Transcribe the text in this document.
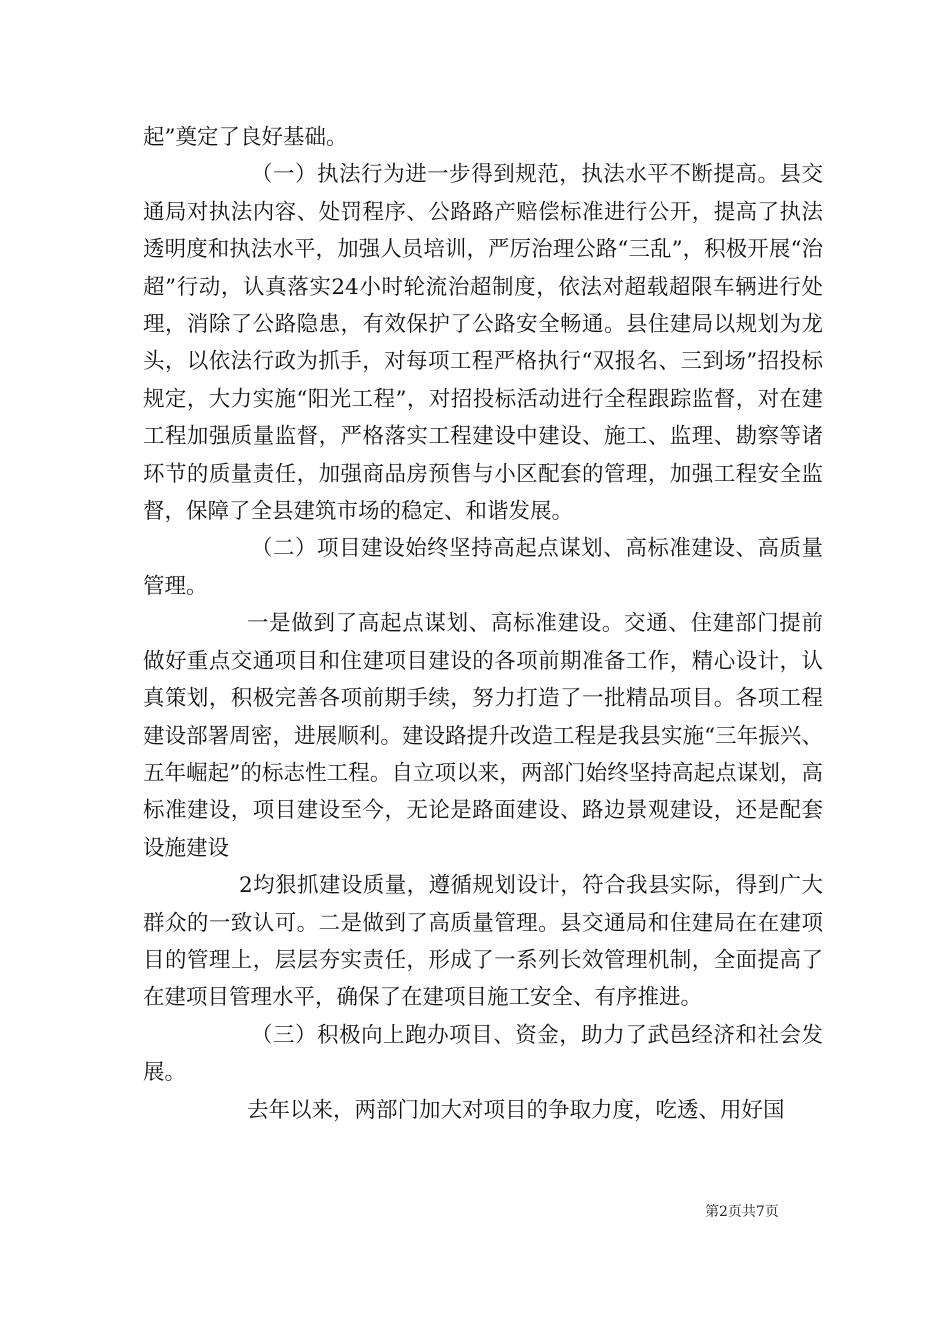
起”奠定了良好基础。

（一）执法行为进一步得到规范，执法水平不断提高。县交通局对执法内容、处罚程序、公路路产赔偿标准进行公开，提高了执法透明度和执法水平，加强人员培训，严厉治理公路“三乱”，积极开展“治超”行动，认真落实24小时轮流治超制度，依法对超载超限车辆进行处理，消除了公路隐患，有效保护了公路安全畅通。县住建局以规划为龙头，以依法行政为抓手，对每项工程严格执行“双报名、三到场”招投标规定，大力实施“阳光工程”，对招投标活动进行全程跟踪监督，对在建工程加强质量监督，严格落实工程建设中建设、施工、监理、勘察等诸环节的质量责任，加强商品房预售与小区配套的管理，加强工程安全监督，保障了全县建筑市场的稳定、和谐发展。

（二）项目建设始终坚持高起点谋划、高标准建设、高质量管理。

一是做到了高起点谋划、高标准建设。交通、住建部门提前做好重点交通项目和住建项目建设的各项前期准备工作，精心设计，认真策划，积极完善各项前期手续，努力打造了一批精品项目。各项工程建设部署周密，进展顺利。建设路提升改造工程是我县实施“三年振兴、五年崛起”的标志性工程。自立项以来，两部门始终坚持高起点谋划，高标准建设，项目建设至今，无论是路面建设、路边景观建设，还是配套设施建设

2均狠抓建设质量，遵循规划设计，符合我县实际，得到广大群众的一致认可。二是做到了高质量管理。县交通局和住建局在在建项目的管理上，层层夯实责任，形成了一系列长效管理机制，全面提高了在建项目管理水平，确保了在建项目施工安全、有序推进。

（三）积极向上跑办项目、资金，助力了武邑经济和社会发展。

去年以来，两部门加大对项目的争取力度，吃透、用好国

第2页共7页
